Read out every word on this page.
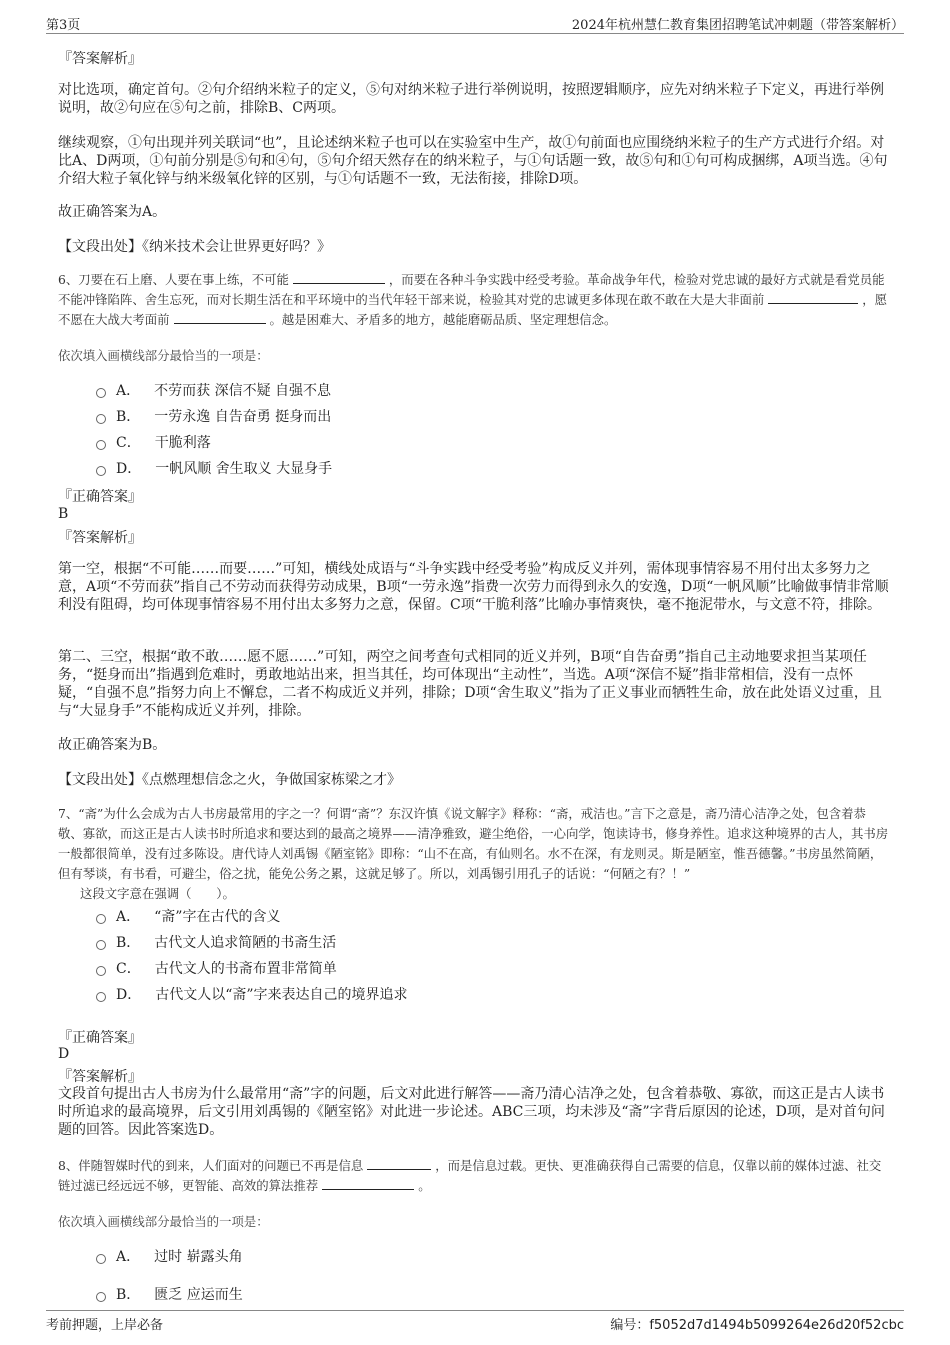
第3页	2024年杭州慧仁教育集团招聘笔试冲刺题（带答案解析）
『答案解析』
对比选项，确定首句。②句介绍纳米粒子的定义，⑤句对纳米粒子进行举例说明，按照逻辑顺序，应先对纳米粒子下定义，再进行举例说明，故②句应在⑤句之前，排除B、C两项。
继续观察，①句出现并列关联词“也”，且论述纳米粒子也可以在实验室中生产，故①句前面也应围绕纳米粒子的生产方式进行介绍。对比A、D两项，①句前分别是⑤句和④句，⑤句介绍天然存在的纳米粒子，与①句话题一致，故⑤句和①句可构成捆绑，A项当选。④句介绍大粒子氧化锌与纳米级氧化锌的区别，与①句话题不一致，无法衔接，排除D项。
故正确答案为A。
【文段出处】《纳米技术会让世界更好吗？》
6、刀要在石上磨、人要在事上练，不可能	，而要在各种斗争实践中经受考验。革命战争年代，检验对党忠诚的最好方式就是看党员能不能冲锋陷阵、舍生忘死，而对长期生活在和平环境中的当代年轻干部来说，检验其对党的忠诚更多体现在敢不敢在大是大非面前	，愿不愿在大战大考面前	。越是困难大、矛盾多的地方，越能磨砺品质、坚定理想信念。
依次填入画横线部分最恰当的一项是：
A． 不劳而获 深信不疑 自强不息
B． 一劳永逸 自告奋勇 挺身而出
C． 干脆利落
D． 一帆风顺 舍生取义 大显身手
『正确答案』
B
『答案解析』
第一空，根据“不可能……而要……”可知，横线处成语与“斗争实践中经受考验”构成反义并列，需体现事情容易不用付出太多努力之意，A项“不劳而获”指自己不劳动而获得劳动成果，B项“一劳永逸”指费一次劳力而得到永久的安逸，D项“一帆风顺”比喻做事情非常顺利没有阻碍，均可体现事情容易不用付出太多努力之意，保留。C项“干脆利落”比喻办事情爽快，毫不拖泥带水，与文意不符，排除。
第二、三空，根据“敢不敢……愿不愿……”可知，两空之间考查句式相同的近义并列，B项“自告奋勇”指自己主动地要求担当某项任务，“挺身而出”指遇到危难时，勇敢地站出来，担当其任，均可体现出“主动性”，当选。A项“深信不疑”指非常相信，没有一点怀疑，“自强不息”指努力向上不懈怠，二者不构成近义并列，排除；D项“舍生取义”指为了正义事业而牺牲生命，放在此处语义过重，且与“大显身手”不能构成近义并列，排除。
故正确答案为B。
【文段出处】《点燃理想信念之火，争做国家栋梁之才》
7、“斋”为什么会成为古人书房最常用的字之一？何谓“斋”？东汉许慎《说文解字》释称：“斋，戒洁也。”言下之意是，斋乃清心洁净之处，包含着恭敬、寡欲，而这正是古人读书时所追求和要达到的最高之境界——清净雅致，避尘绝俗，一心向学，饱读诗书，修身养性。追求这种境界的古人，其书房一般都很简单，没有过多陈设。唐代诗人刘禹锡《陋室铭》即称：“山不在高，有仙则名。水不在深，有龙则灵。斯是陋室，惟吾德馨。”书房虽然简陋，但有琴谈，有书看，可避尘，俗之扰，能免公务之累，这就足够了。所以，刘禹锡引用孔子的话说：“何陋之有？！”
这段文字意在强调（　　）。
A． “斋”字在古代的含义
B． 古代文人追求简陋的书斋生活
C． 古代文人的书斋布置非常简单
D． 古代文人以“斋”字来表达自己的境界追求
『正确答案』
D
『答案解析』
文段首句提出古人书房为什么最常用“斋”字的问题，后文对此进行解答——斋乃清心洁净之处，包含着恭敬、寡欲，而这正是古人读书时所追求的最高境界，后文引用刘禹锡的《陋室铭》对此进一步论述。ABC三项，均未涉及“斋”字背后原因的论述，D项，是对首句问题的回答。因此答案选D。
8、伴随智媒时代的到来，人们面对的问题已不再是信息	，而是信息过载。更快、更准确获得自己需要的信息，仅靠以前的媒体过滤、社交链过滤已经远远不够，更智能、高效的算法推荐	。
依次填入画横线部分最恰当的一项是：
A． 过时 崭露头角
B． 匮乏 应运而生
考前押题，上岸必备	编号：f5052d7d1494b5099264e26d20f52cbc
